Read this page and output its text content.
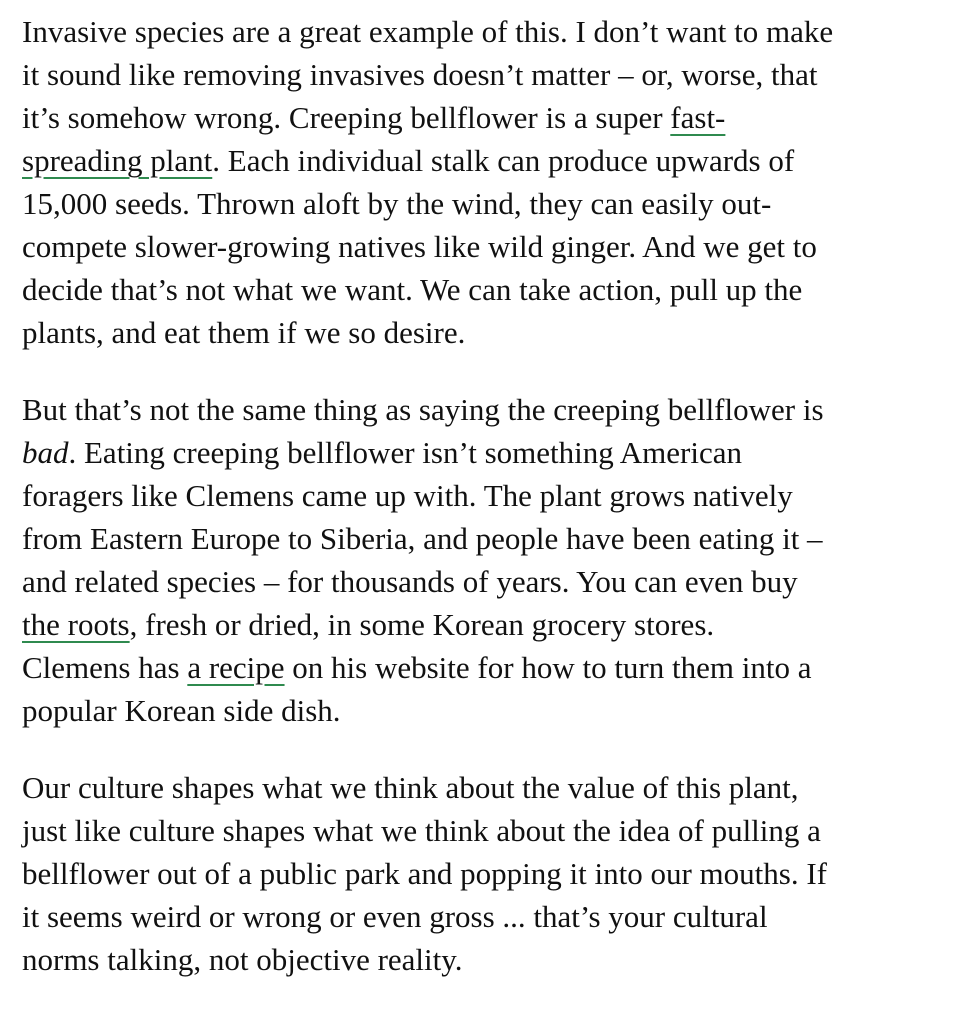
Invasive species are a great example of this. I don’t want to make
it sound like removing invasives doesn’t matter – or, worse, that
it’s somehow wrong. Creeping bellflower is a super fast-
spreading plant. Each individual stalk can produce upwards of
15,000 seeds. Thrown aloft by the wind, they can easily out-
compete slower-growing natives like wild ginger. And we get to
decide that’s not what we want. We can take action, pull up the
plants, and eat them if we so desire.

But that’s not the same thing as saying the creeping bellflower is
bad. Eating creeping bellflower isn’t something American
foragers like Clemens came up with. The plant grows natively
from Eastern Europe to Siberia, and people have been eating it –
and related species – for thousands of years. You can even buy
the roots, fresh or dried, in some Korean grocery stores.
Clemens has a recipe on his website for how to turn them into a
popular Korean side dish.

Our culture shapes what we think about the value of this plant,
just like culture shapes what we think about the idea of pulling a
bellflower out of a public park and popping it into our mouths. If
it seems weird or wrong or even gross ... that’s your cultural
norms talking, not objective reality.
